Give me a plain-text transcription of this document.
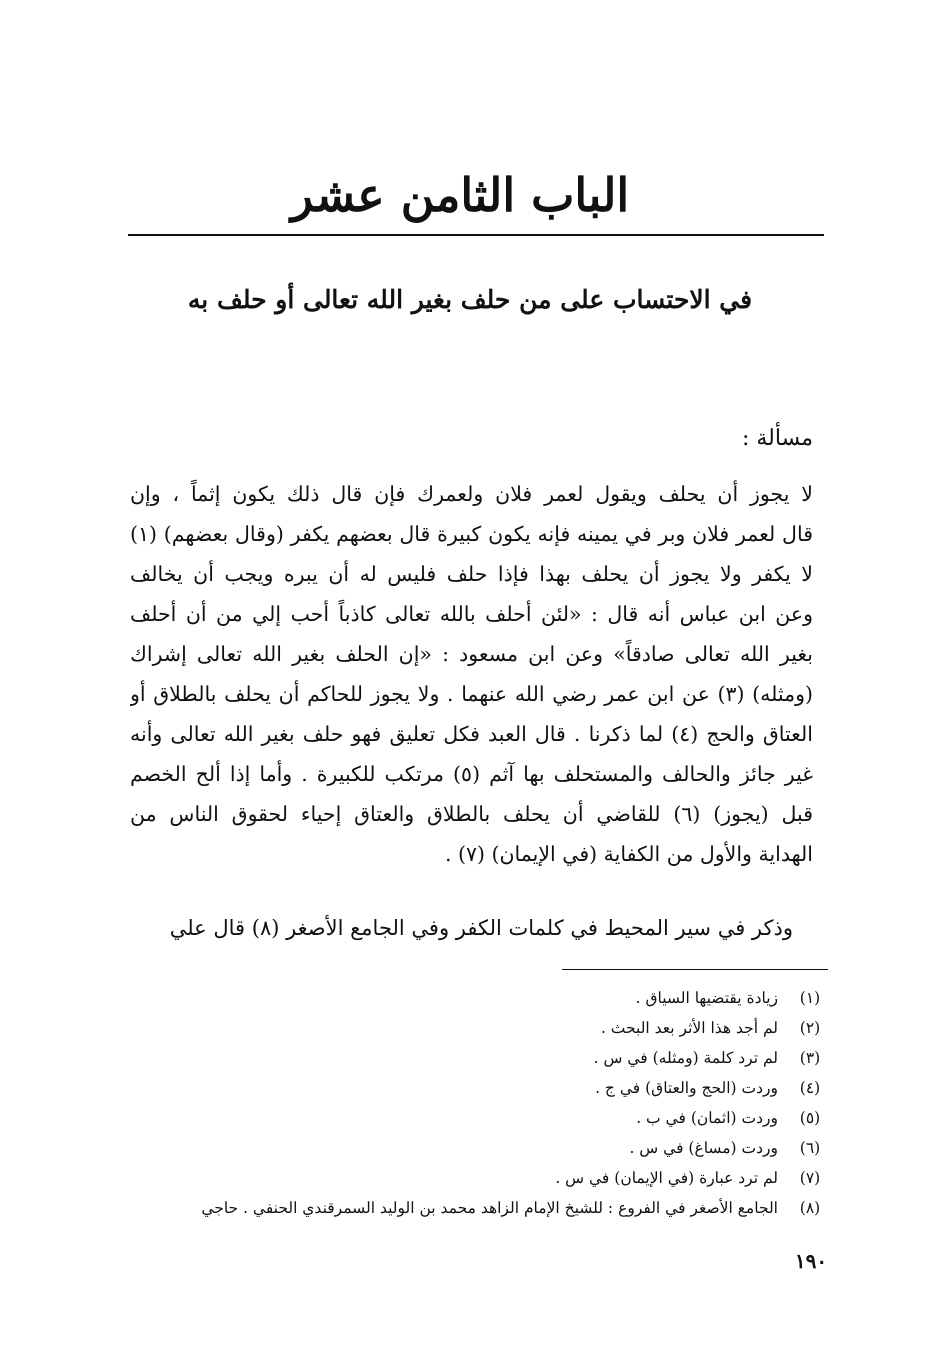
الباب الثامن عشر
في الاحتساب على من حلف بغير الله تعالى أو حلف به
مسألة :
لا يجوز أن يحلف ويقول لعمر فلان ولعمرك فإن قال ذلك يكون إثماً ، وإن
قال لعمر فلان وبر في يمينه فإنه يكون كبيرة قال بعضهم يكفر (وقال بعضهم) (١)
لا يكفر ولا يجوز أن يحلف بهذا فإذا حلف فليس له أن يبره ويجب أن يخالف
وعن ابن عباس أنه قال : «لئن أحلف بالله تعالى كاذباً أحب إلي من أن أحلف
بغير الله تعالى صادقاً» وعن ابن مسعود : «إن الحلف بغير الله تعالى إشراك
(ومثله) (٣) عن ابن عمر رضي الله عنهما . ولا يجوز للحاكم أن يحلف بالطلاق أو
العتاق والحج (٤) لما ذكرنا . قال العبد فكل تعليق فهو حلف بغير الله تعالى وأنه
غير جائز والحالف والمستحلف بها آثم (٥) مرتكب للكبيرة . وأما إذا ألح الخصم
قبل (يجوز) (٦) للقاضي أن يحلف بالطلاق والعتاق إحياء لحقوق الناس من
الهداية والأول من الكفاية (في الإيمان) (٧) .

وذكر في سير المحيط في كلمات الكفر وفي الجامع الأصغر (٨) قال علي

(١)
زيادة يقتضيها السياق .
(٢)
لم أجد هذا الأثر بعد البحث .
(٣)
لم ترد كلمة (ومثله) في س .
(٤)
وردت (الحج والعتاق) في ج .
(٥)
وردت (اثمان) في ب .
(٦)
وردت (مساغ) في س .
(٧)
لم ترد عبارة (في الإيمان) في س .
(٨)
الجامع الأصغر في الفروع : للشيخ الإمام الزاهد محمد بن الوليد السمرقندي الحنفي . حاجي
١٩٠
